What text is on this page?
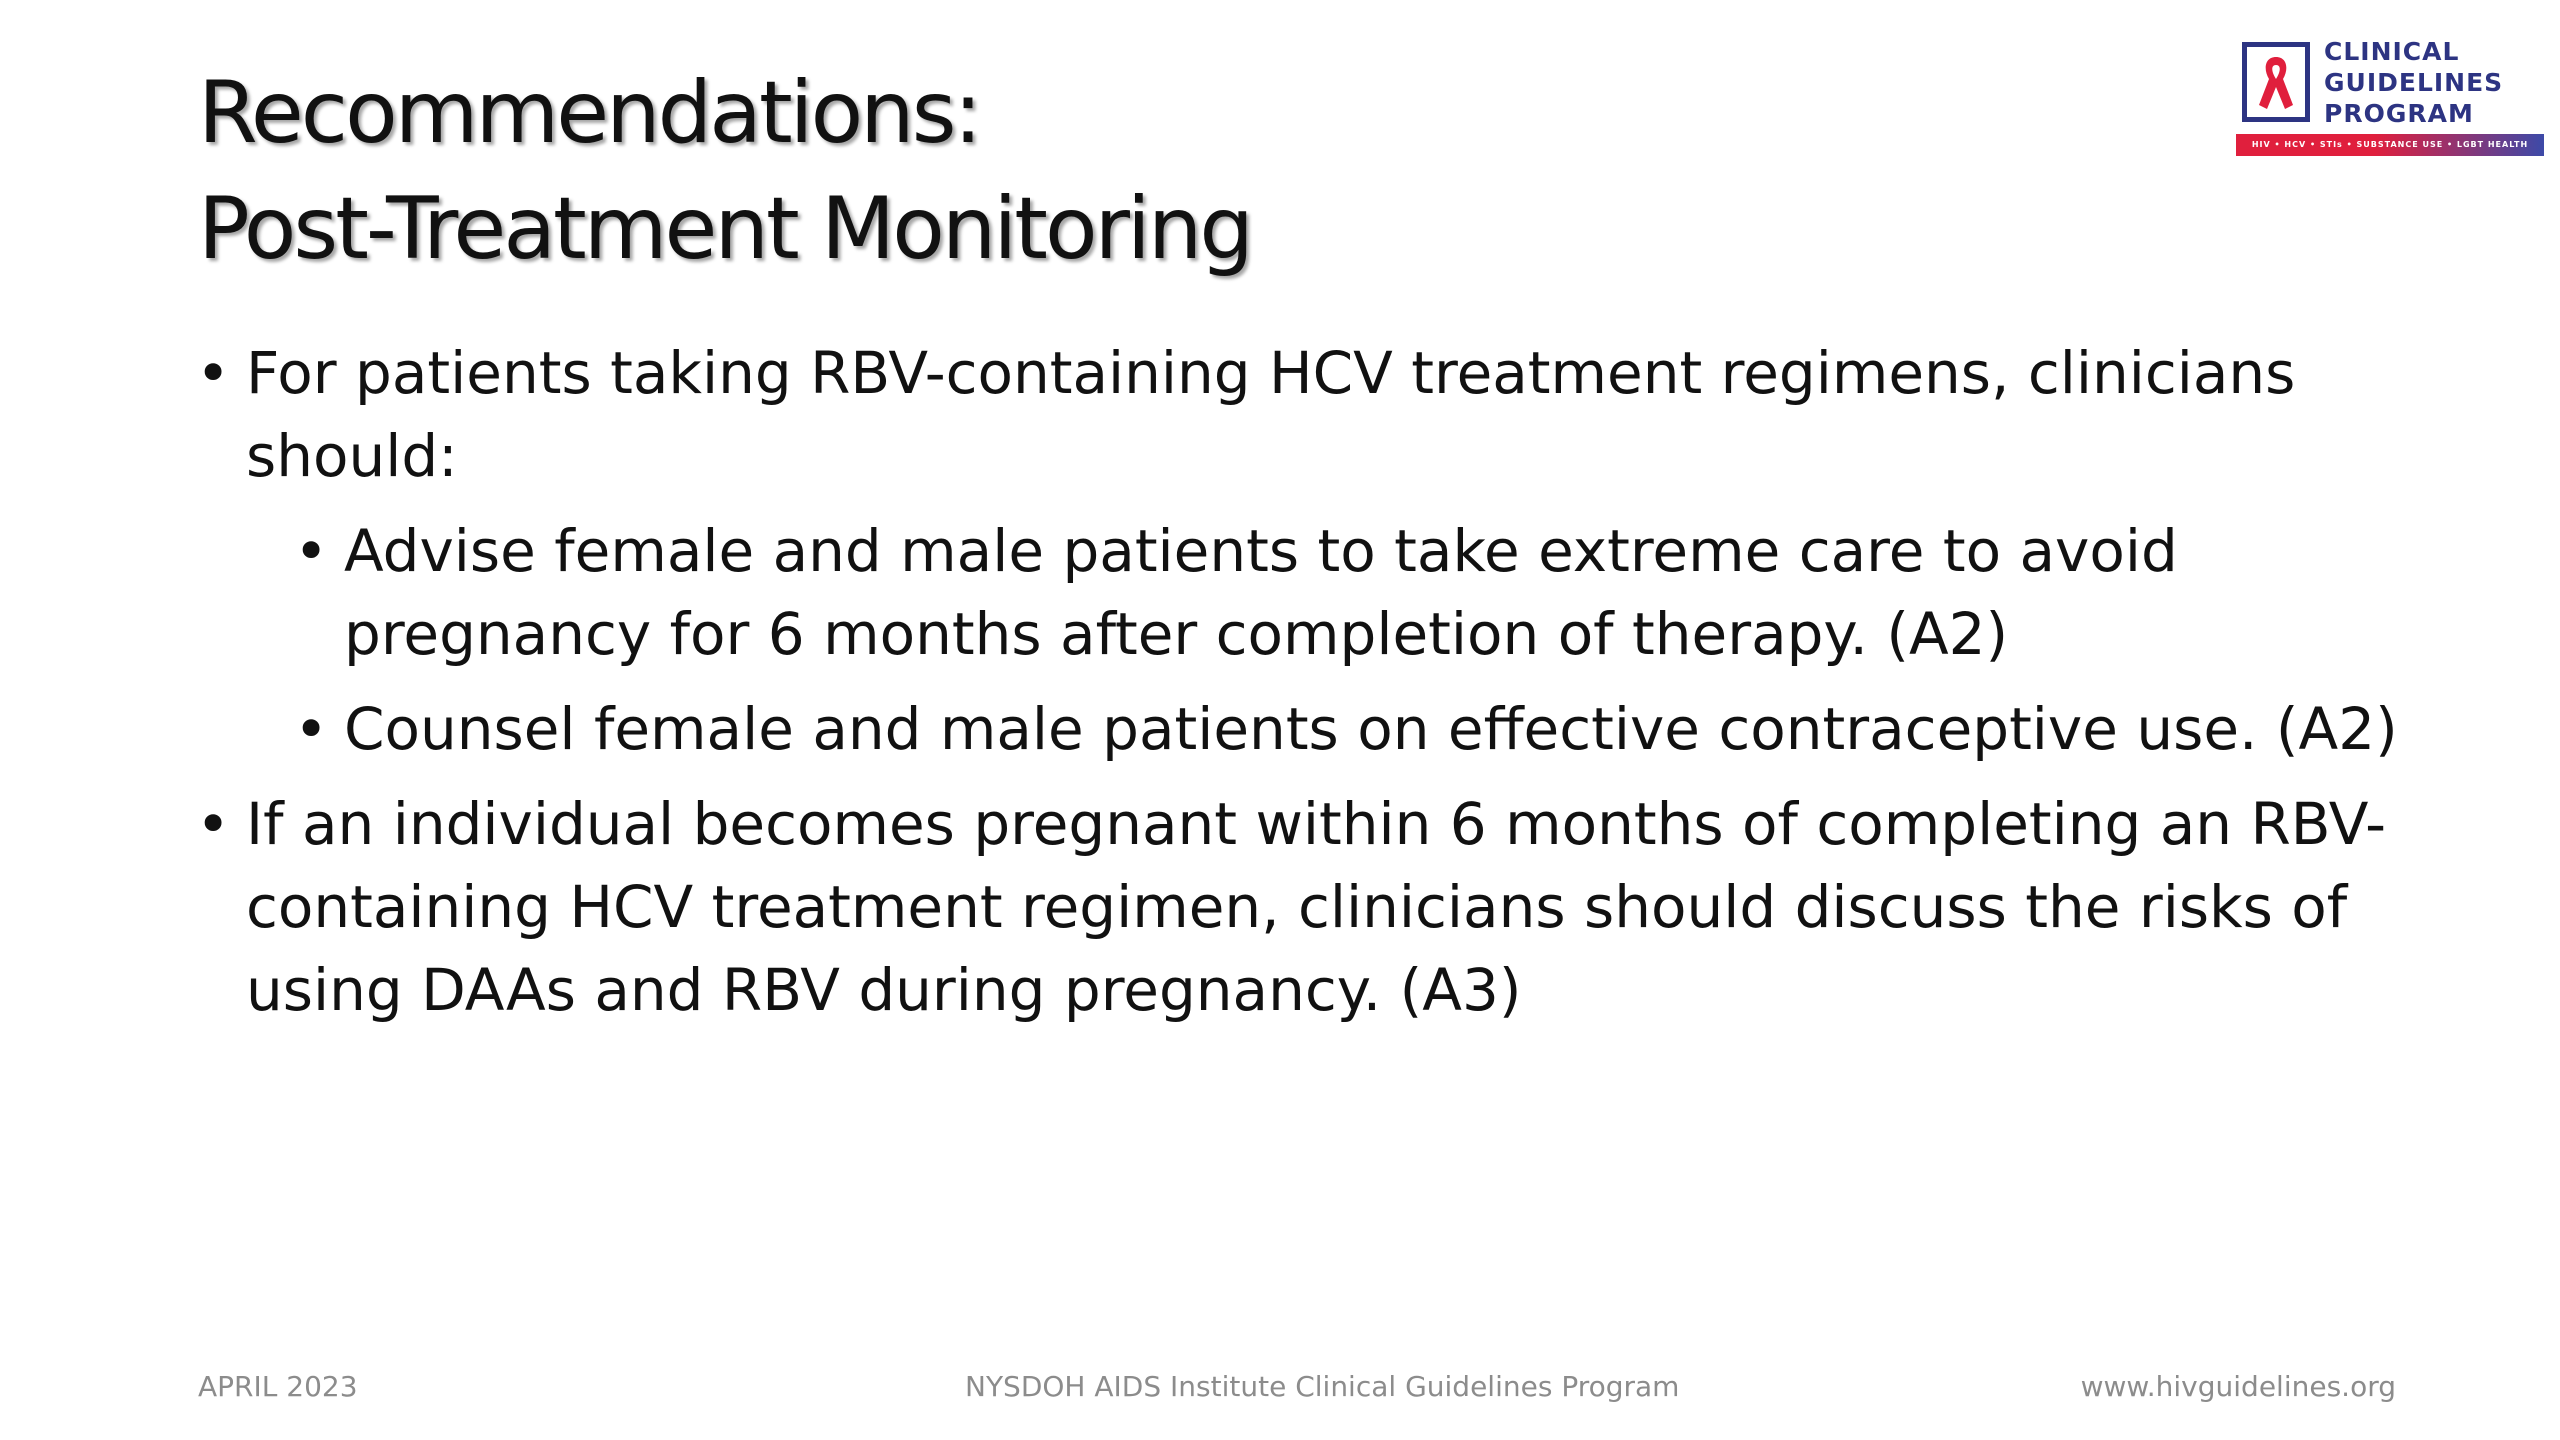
Recommendations:
Post-Treatment Monitoring
CLINICAL
GUIDELINES
PROGRAM
HIV • HCV • STIs • SUBSTANCE USE • LGBT HEALTH
• For patients taking RBV-containing HCV treatment regimens, clinicians should:
• Advise female and male patients to take extreme care to avoid pregnancy for 6 months after completion of therapy. (A2)
• Counsel female and male patients on effective contraceptive use. (A2)
• If an individual becomes pregnant within 6 months of completing an RBV-containing HCV treatment regimen, clinicians should discuss the risks of using DAAs and RBV during pregnancy. (A3)
APRIL 2023	NYSDOH AIDS Institute Clinical Guidelines Program	www.hivguidelines.org
